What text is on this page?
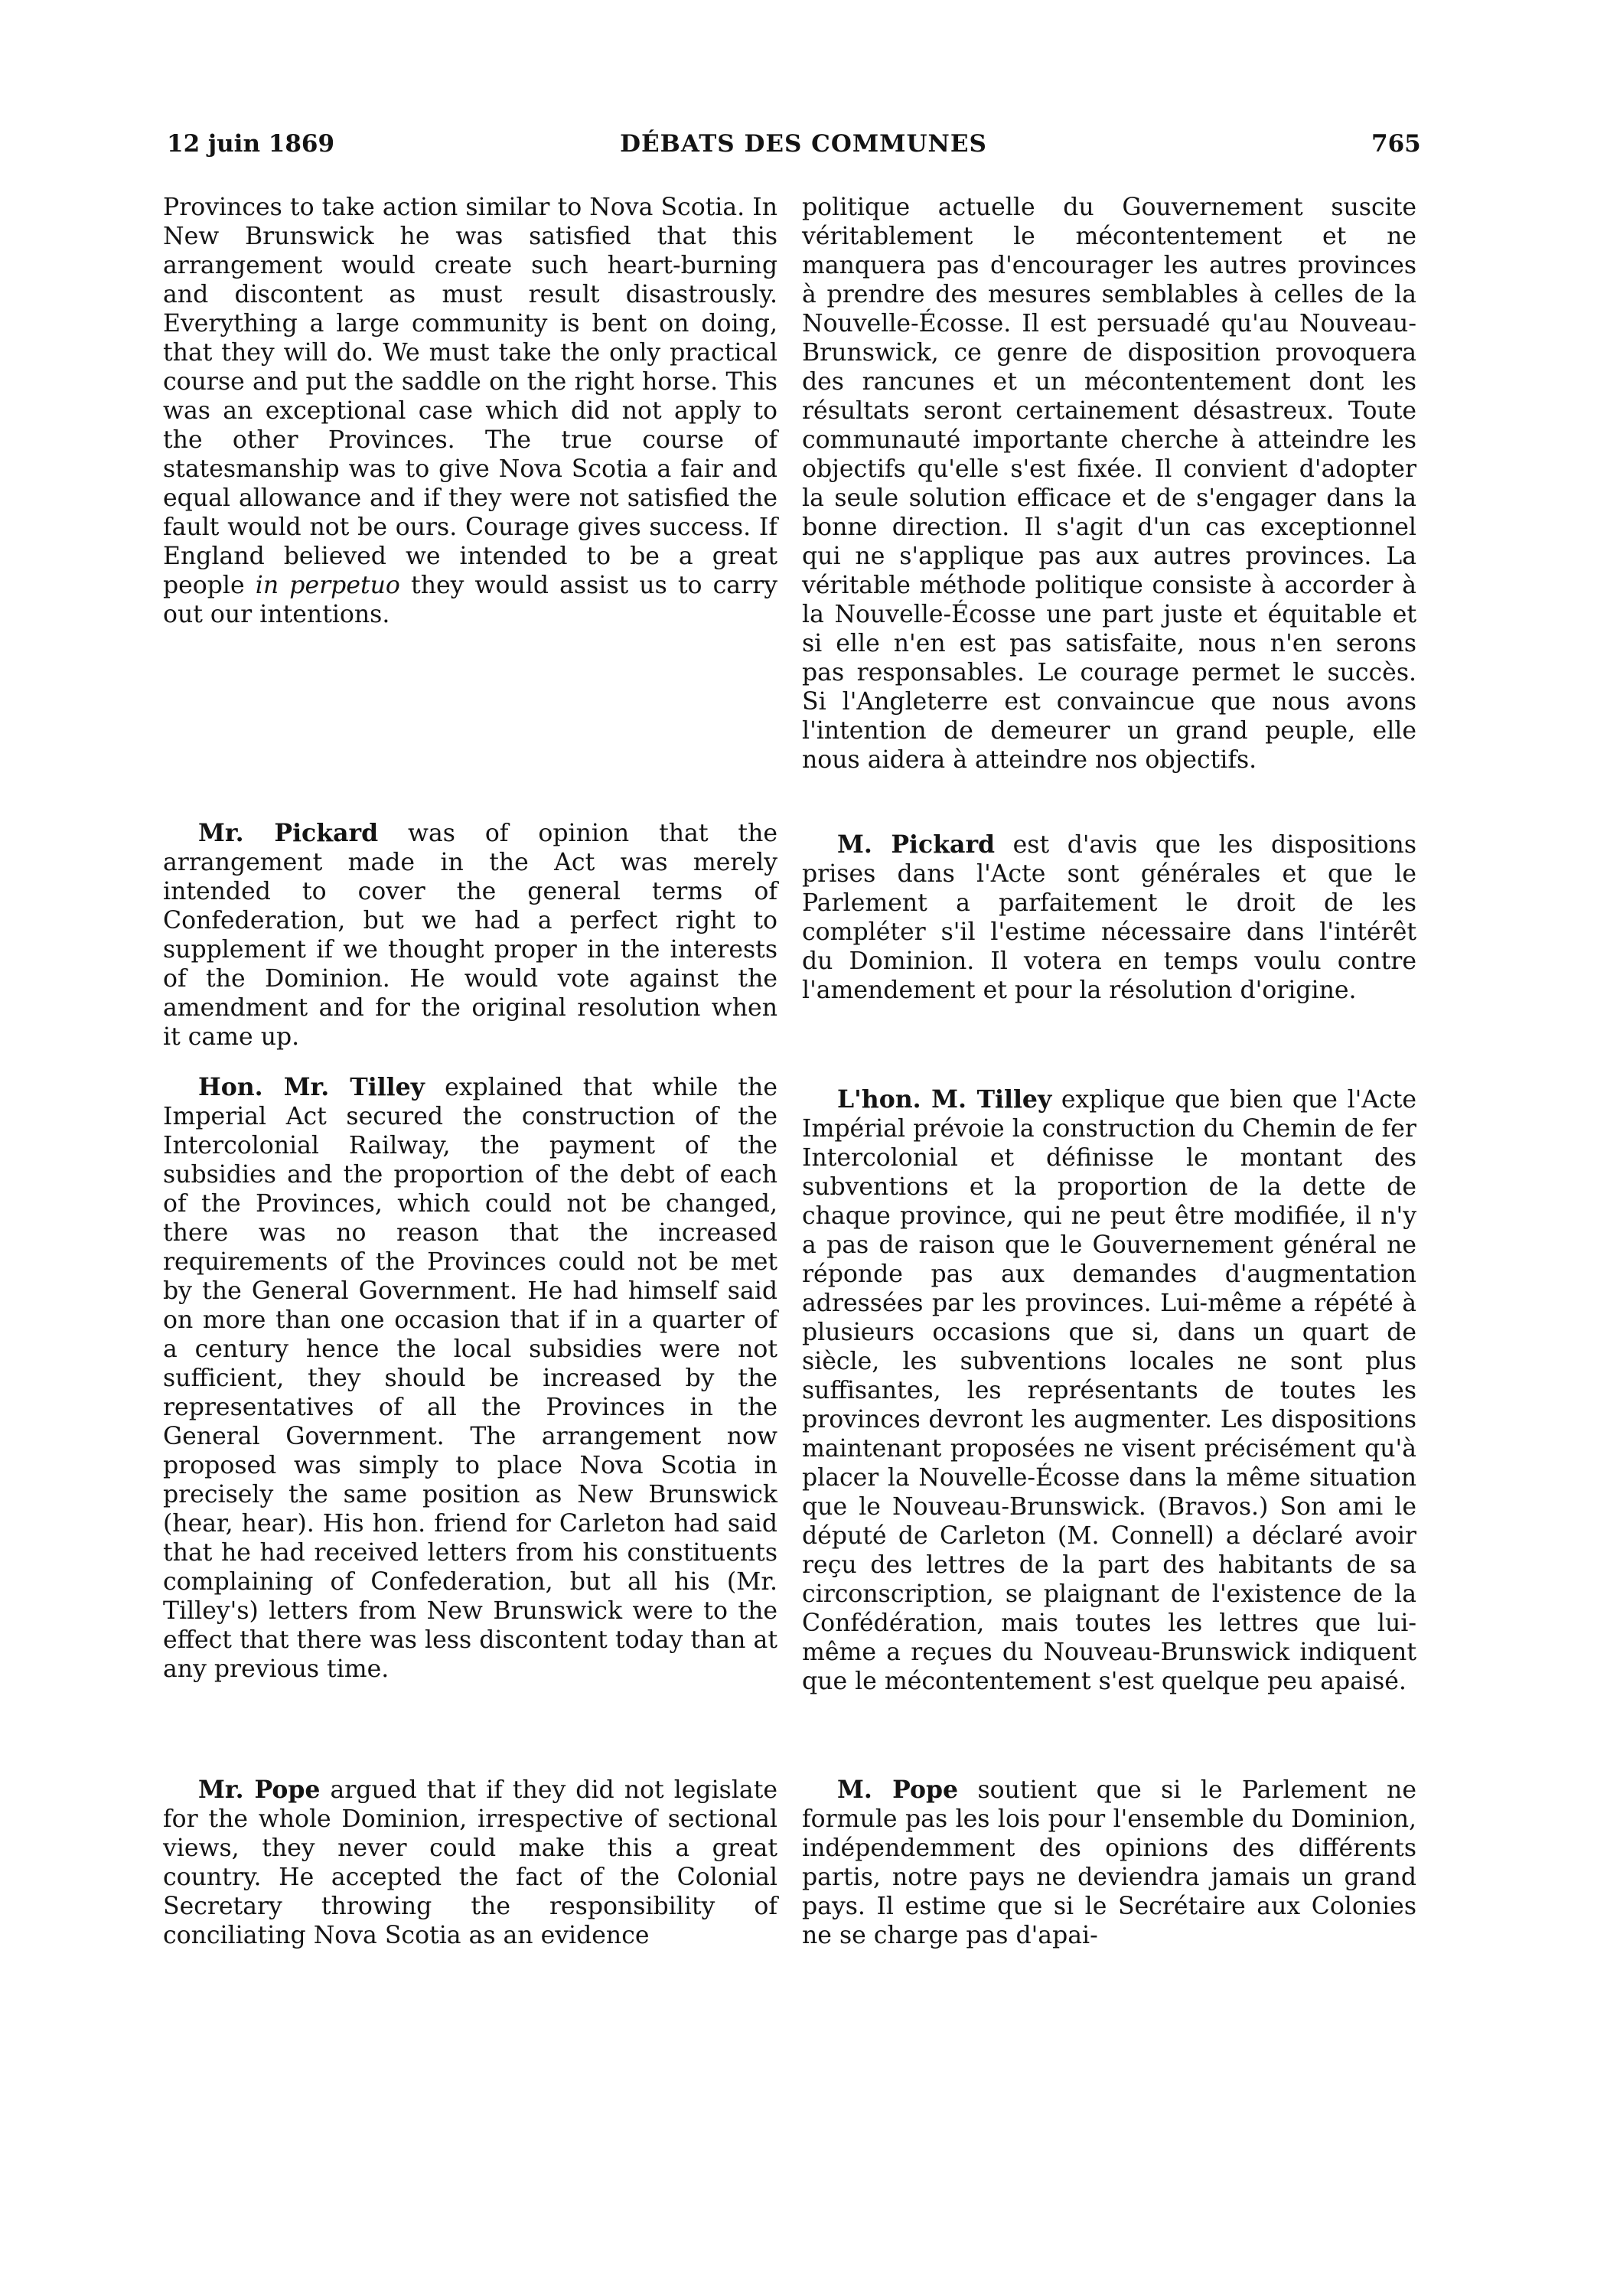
12 juin 1869	DÉBATS DES COMMUNES	765

Provinces to take action similar to Nova Scotia. In New Brunswick he was satisfied that this arrangement would create such heart-burning and discontent as must result disastrously. Everything a large community is bent on doing, that they will do. We must take the only practical course and put the saddle on the right horse. This was an exceptional case which did not apply to the other Provinces. The true course of statesmanship was to give Nova Scotia a fair and equal allowance and if they were not satisfied the fault would not be ours. Courage gives success. If England believed we intended to be a great people in perpetuo they would assist us to carry out our intentions.

Mr. Pickard was of opinion that the arrangement made in the Act was merely intended to cover the general terms of Confederation, but we had a perfect right to supplement if we thought proper in the interests of the Dominion. He would vote against the amendment and for the original resolution when it came up.

Hon. Mr. Tilley explained that while the Imperial Act secured the construction of the Intercolonial Railway, the payment of the subsidies and the proportion of the debt of each of the Provinces, which could not be changed, there was no reason that the increased requirements of the Provinces could not be met by the General Government. He had himself said on more than one occasion that if in a quarter of a century hence the local subsidies were not sufficient, they should be increased by the representatives of all the Provinces in the General Government. The arrangement now proposed was simply to place Nova Scotia in precisely the same position as New Brunswick (hear, hear). His hon. friend for Carleton had said that he had received letters from his constituents complaining of Confederation, but all his (Mr. Tilley's) letters from New Brunswick were to the effect that there was less discontent today than at any previous time.

Mr. Pope argued that if they did not legislate for the whole Dominion, irrespective of sectional views, they never could make this a great country. He accepted the fact of the Colonial Secretary throwing the responsibility of conciliating Nova Scotia as an evidence

politique actuelle du Gouvernement suscite véritablement le mécontentement et ne manquera pas d'encourager les autres provinces à prendre des mesures semblables à celles de la Nouvelle-Écosse. Il est persuadé qu'au Nouveau-Brunswick, ce genre de disposition provoquera des rancunes et un mécontentement dont les résultats seront certainement désastreux. Toute communauté importante cherche à atteindre les objectifs qu'elle s'est fixée. Il convient d'adopter la seule solution efficace et de s'engager dans la bonne direction. Il s'agit d'un cas exceptionnel qui ne s'applique pas aux autres provinces. La véritable méthode politique consiste à accorder à la Nouvelle-Écosse une part juste et équitable et si elle n'en est pas satisfaite, nous n'en serons pas responsables. Le courage permet le succès. Si l'Angleterre est convaincue que nous avons l'intention de demeurer un grand peuple, elle nous aidera à atteindre nos objectifs.

M. Pickard est d'avis que les dispositions prises dans l'Acte sont générales et que le Parlement a parfaitement le droit de les compléter s'il l'estime nécessaire dans l'intérêt du Dominion. Il votera en temps voulu contre l'amendement et pour la résolution d'origine.

L'hon. M. Tilley explique que bien que l'Acte Impérial prévoie la construction du Chemin de fer Intercolonial et définisse le montant des subventions et la proportion de la dette de chaque province, qui ne peut être modifiée, il n'y a pas de raison que le Gouvernement général ne réponde pas aux demandes d'augmentation adressées par les provinces. Lui-même a répété à plusieurs occasions que si, dans un quart de siècle, les subventions locales ne sont plus suffisantes, les représentants de toutes les provinces devront les augmenter. Les dispositions maintenant proposées ne visent précisément qu'à placer la Nouvelle-Écosse dans la même situation que le Nouveau-Brunswick. (Bravos.) Son ami le député de Carleton (M. Connell) a déclaré avoir reçu des lettres de la part des habitants de sa circonscription, se plaignant de l'existence de la Confédération, mais toutes les lettres que lui-même a reçues du Nouveau-Brunswick indiquent que le mécontentement s'est quelque peu apaisé.

M. Pope soutient que si le Parlement ne formule pas les lois pour l'ensemble du Dominion, indépendemment des opinions des différents partis, notre pays ne deviendra jamais un grand pays. Il estime que si le Secrétaire aux Colonies ne se charge pas d'apai-
